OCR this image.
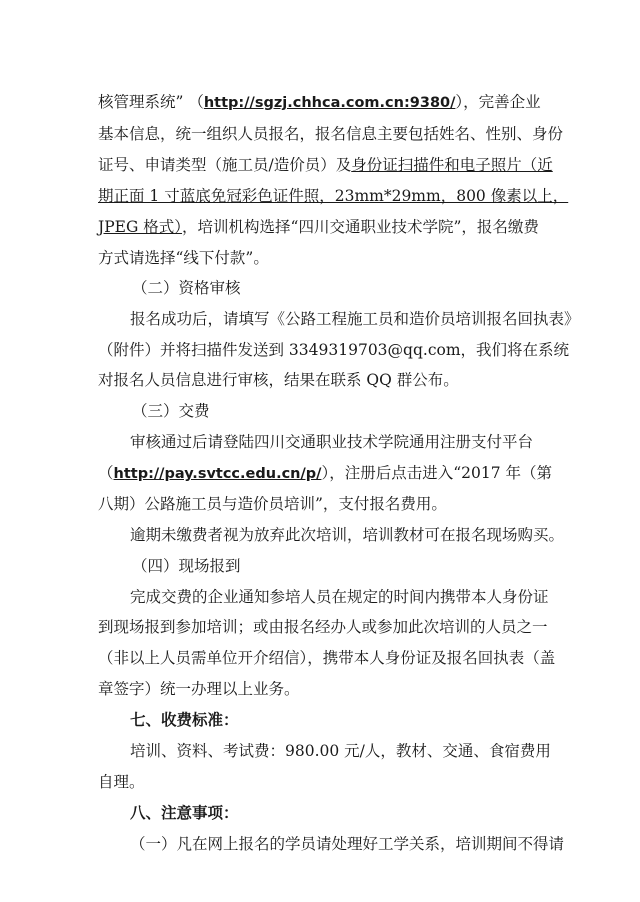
核管理系统” （http://sgzj.chhca.com.cn:9380/），完善企业
基本信息，统一组织人员报名，报名信息主要包括姓名、性别、身份
证号、申请类型（施工员/造价员）及身份证扫描件和电子照片（近
期正面 1 寸蓝底免冠彩色证件照，23mm*29mm，800 像素以上，
JPEG 格式），培训机构选择“四川交通职业技术学院”，报名缴费
方式请选择“线下付款”。
（二）资格审核
报名成功后，请填写《公路工程施工员和造价员培训报名回执表》
（附件）并将扫描件发送到 3349319703@qq.com，我们将在系统
对报名人员信息进行审核，结果在联系 QQ 群公布。
（三）交费
审核通过后请登陆四川交通职业技术学院通用注册支付平台
（http://pay.svtcc.edu.cn/p/），注册后点击进入“2017 年（第
八期）公路施工员与造价员培训”，支付报名费用。
逾期未缴费者视为放弃此次培训，培训教材可在报名现场购买。
（四）现场报到
完成交费的企业通知参培人员在规定的时间内携带本人身份证
到现场报到参加培训；或由报名经办人或参加此次培训的人员之一
（非以上人员需单位开介绍信），携带本人身份证及报名回执表（盖
章签字）统一办理以上业务。
七、收费标准：
培训、资料、考试费：980.00 元/人，教材、交通、食宿费用
自理。
八、注意事项：
（一）凡在网上报名的学员请处理好工学关系，培训期间不得请
